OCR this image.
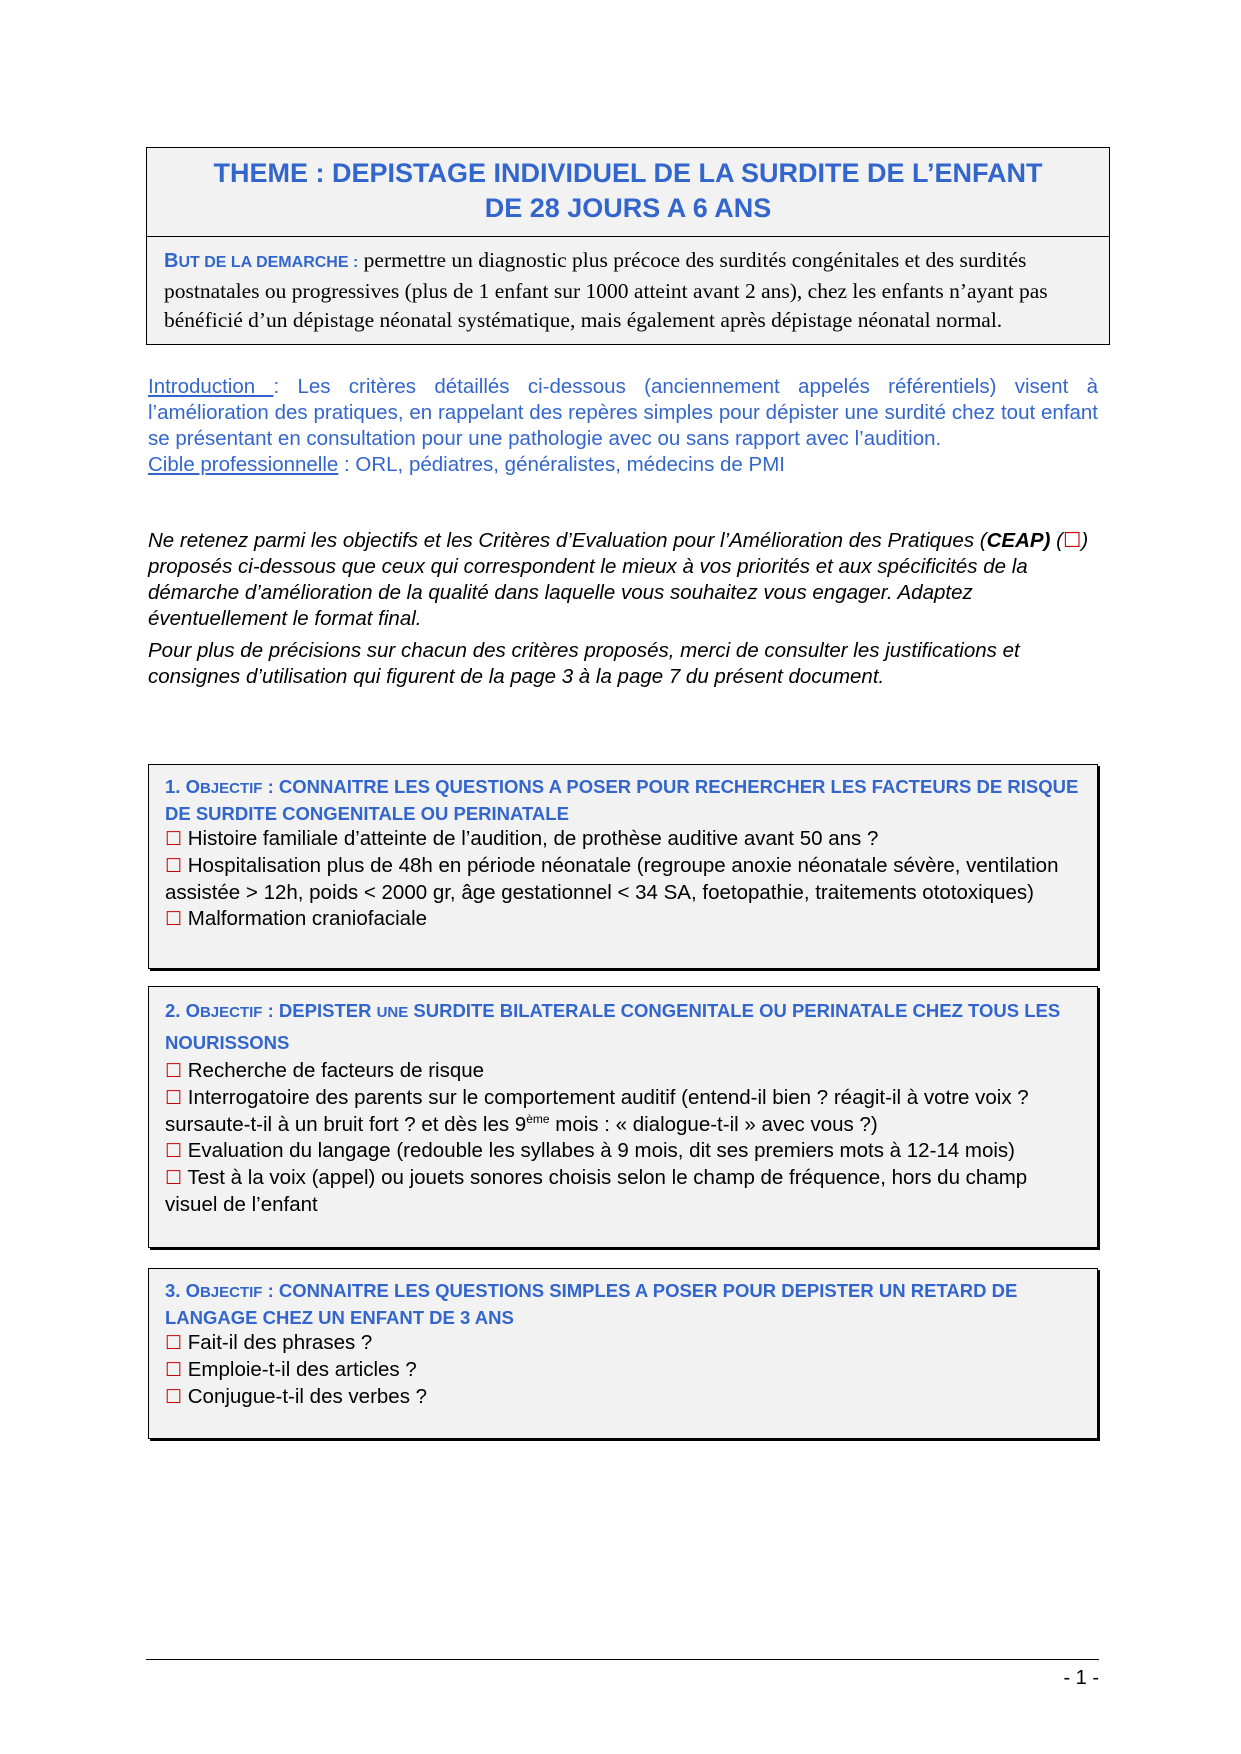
THEME : DEPISTAGE INDIVIDUEL DE LA SURDITE DE L’ENFANT
DE 28 JOURS A 6 ANS
BUT DE LA DEMARCHE : permettre un diagnostic plus précoce des surdités congénitales et des surdités postnatales ou progressives (plus de 1 enfant sur 1000 atteint avant 2 ans), chez les enfants n’ayant pas bénéficié d’un dépistage néonatal systématique, mais également après dépistage néonatal normal.

Introduction : Les critères détaillés ci-dessous (anciennement appelés référentiels) visent à l’amélioration des pratiques, en rappelant des repères simples pour dépister une surdité chez tout enfant se présentant en consultation pour une pathologie avec ou sans rapport avec l’audition.

Cible professionnelle : ORL, pédiatres, généralistes, médecins de PMI

Ne retenez parmi les objectifs et les Critères d’Evaluation pour l’Amélioration des Pratiques (CEAP) (☐) proposés ci-dessous que ceux qui correspondent le mieux à vos priorités et aux spécificités de la démarche d’amélioration de la qualité dans laquelle vous souhaitez vous engager. Adaptez éventuellement le format final.

Pour plus de précisions sur chacun des critères proposés, merci de consulter les justifications et consignes d’utilisation qui figurent de la page 3 à la page 7 du présent document.

1. OBJECTIF : CONNAITRE LES QUESTIONS A POSER POUR RECHERCHER LES FACTEURS DE RISQUE DE SURDITE CONGENITALE OU PERINATALE

☐ Histoire familiale d’atteinte de l’audition, de prothèse auditive avant 50 ans ?

☐ Hospitalisation plus de 48h en période néonatale (regroupe anoxie néonatale sévère, ventilation assistée > 12h, poids < 2000 gr, âge gestationnel < 34 SA, foetopathie, traitements ototoxiques)

☐ Malformation craniofaciale

2. OBJECTIF : DEPISTER UNE SURDITE BILATERALE CONGENITALE OU PERINATALE CHEZ TOUS LES NOURISSONS

☐ Recherche de facteurs de risque

☐ Interrogatoire des parents sur le comportement auditif (entend-il bien ? réagit-il à votre voix ? sursaute-t-il à un bruit fort ? et dès les 9ème mois : « dialogue-t-il » avec vous ?)

☐ Evaluation du langage (redouble les syllabes à 9 mois, dit ses premiers mots à 12-14 mois)

☐ Test à la voix (appel) ou jouets sonores choisis selon le champ de fréquence, hors du champ visuel de l’enfant

3. OBJECTIF : CONNAITRE LES QUESTIONS SIMPLES A POSER POUR DEPISTER UN RETARD DE LANGAGE CHEZ UN ENFANT DE 3 ANS

☐ Fait-il des phrases ?

☐ Emploie-t-il des articles ?

☐ Conjugue-t-il des verbes ?

- 1 -
